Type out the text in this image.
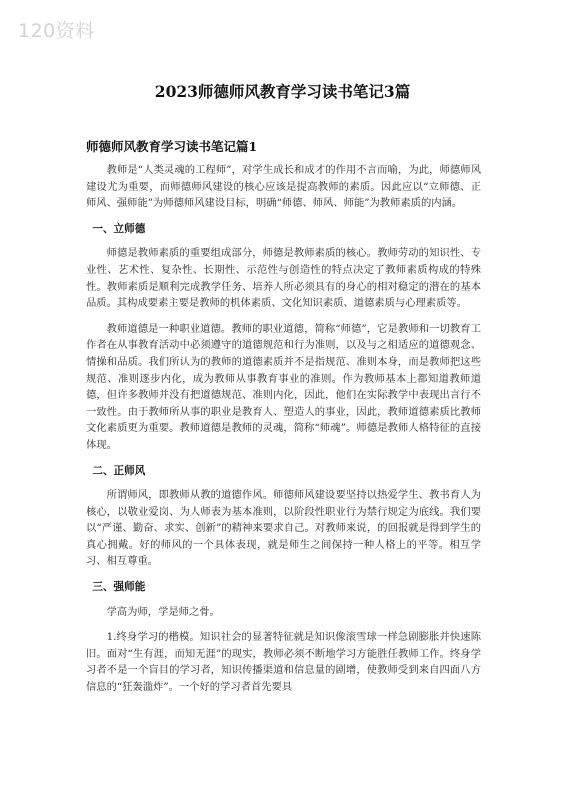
120资料
2023师德师风教育学习读书笔记3篇
师德师风教育学习读书笔记篇1

教师是“人类灵魂的工程师”，对学生成长和成才的作用不言而喻，为此，师德师风建设尤为重要，而师德师风建设的核心应该是提高教师的素质。因此应以“立师德、正师风、强师能”为师德师风建设目标，明确“师德、师风、师能”为教师素质的内涵。

一、立师德

师德是教师素质的重要组成部分，师德是教师素质的核心。教师劳动的知识性、专业性、艺术性、复杂性、长期性、示范性与创造性的特点决定了教师素质构成的特殊性。教师素质是顺利完成教学任务、培养人所必须具有的身心的相对稳定的潜在的基本品质。其构成要素主要是教师的机体素质、文化知识素质、道德素质与心理素质等。

教师道德是一种职业道德。教师的职业道德，简称“师德”，它是教师和一切教育工作者在从事教育活动中必须遵守的道德规范和行为准则，以及与之相适应的道德观念、情操和品质。我们所认为的教师的道德素质并不是指规范、准则本身，而是教师把这些规范、准则逐步内化，成为教师从事教育事业的准则。作为教师基本上都知道教师道德，但许多教师并没有把道德规范、准则内化，因此，他们在实际教学中表现出言行不一致性。由于教师所从事的职业是教育人、塑造人的事业，因此，教师道德素质比教师文化素质更为重要。教师道德是教师的灵魂，简称“师魂”。师德是教师人格特征的直接体现。

二、正师风

所谓师风，即教师从教的道德作风。师德师风建设要坚持以热爱学生、教书育人为核心，以敬业爱岗、为人师表为基本准则，以阶段性职业行为禁行规定为底线。我们要以“严谨、勤奋、求实、创新”的精神来要求自己。对教师来说，的回报就是得到学生的真心拥戴。好的师风的一个具体表现，就是师生之间保持一种人格上的平等。相互学习、相互尊重。

三、强师能

学高为师，学是师之骨。

1.终身学习的楷模。知识社会的显著特征就是知识像滚雪球一样急剧膨胀并快速陈旧。面对“生有涯，而知无涯”的现实，教师必须不断地学习方能胜任教师工作。终身学习者不是一个盲目的学习者，知识传播渠道和信息量的剧增，使教师受到来自四面八方信息的“狂轰滥炸”。一个好的学习者首先要具
